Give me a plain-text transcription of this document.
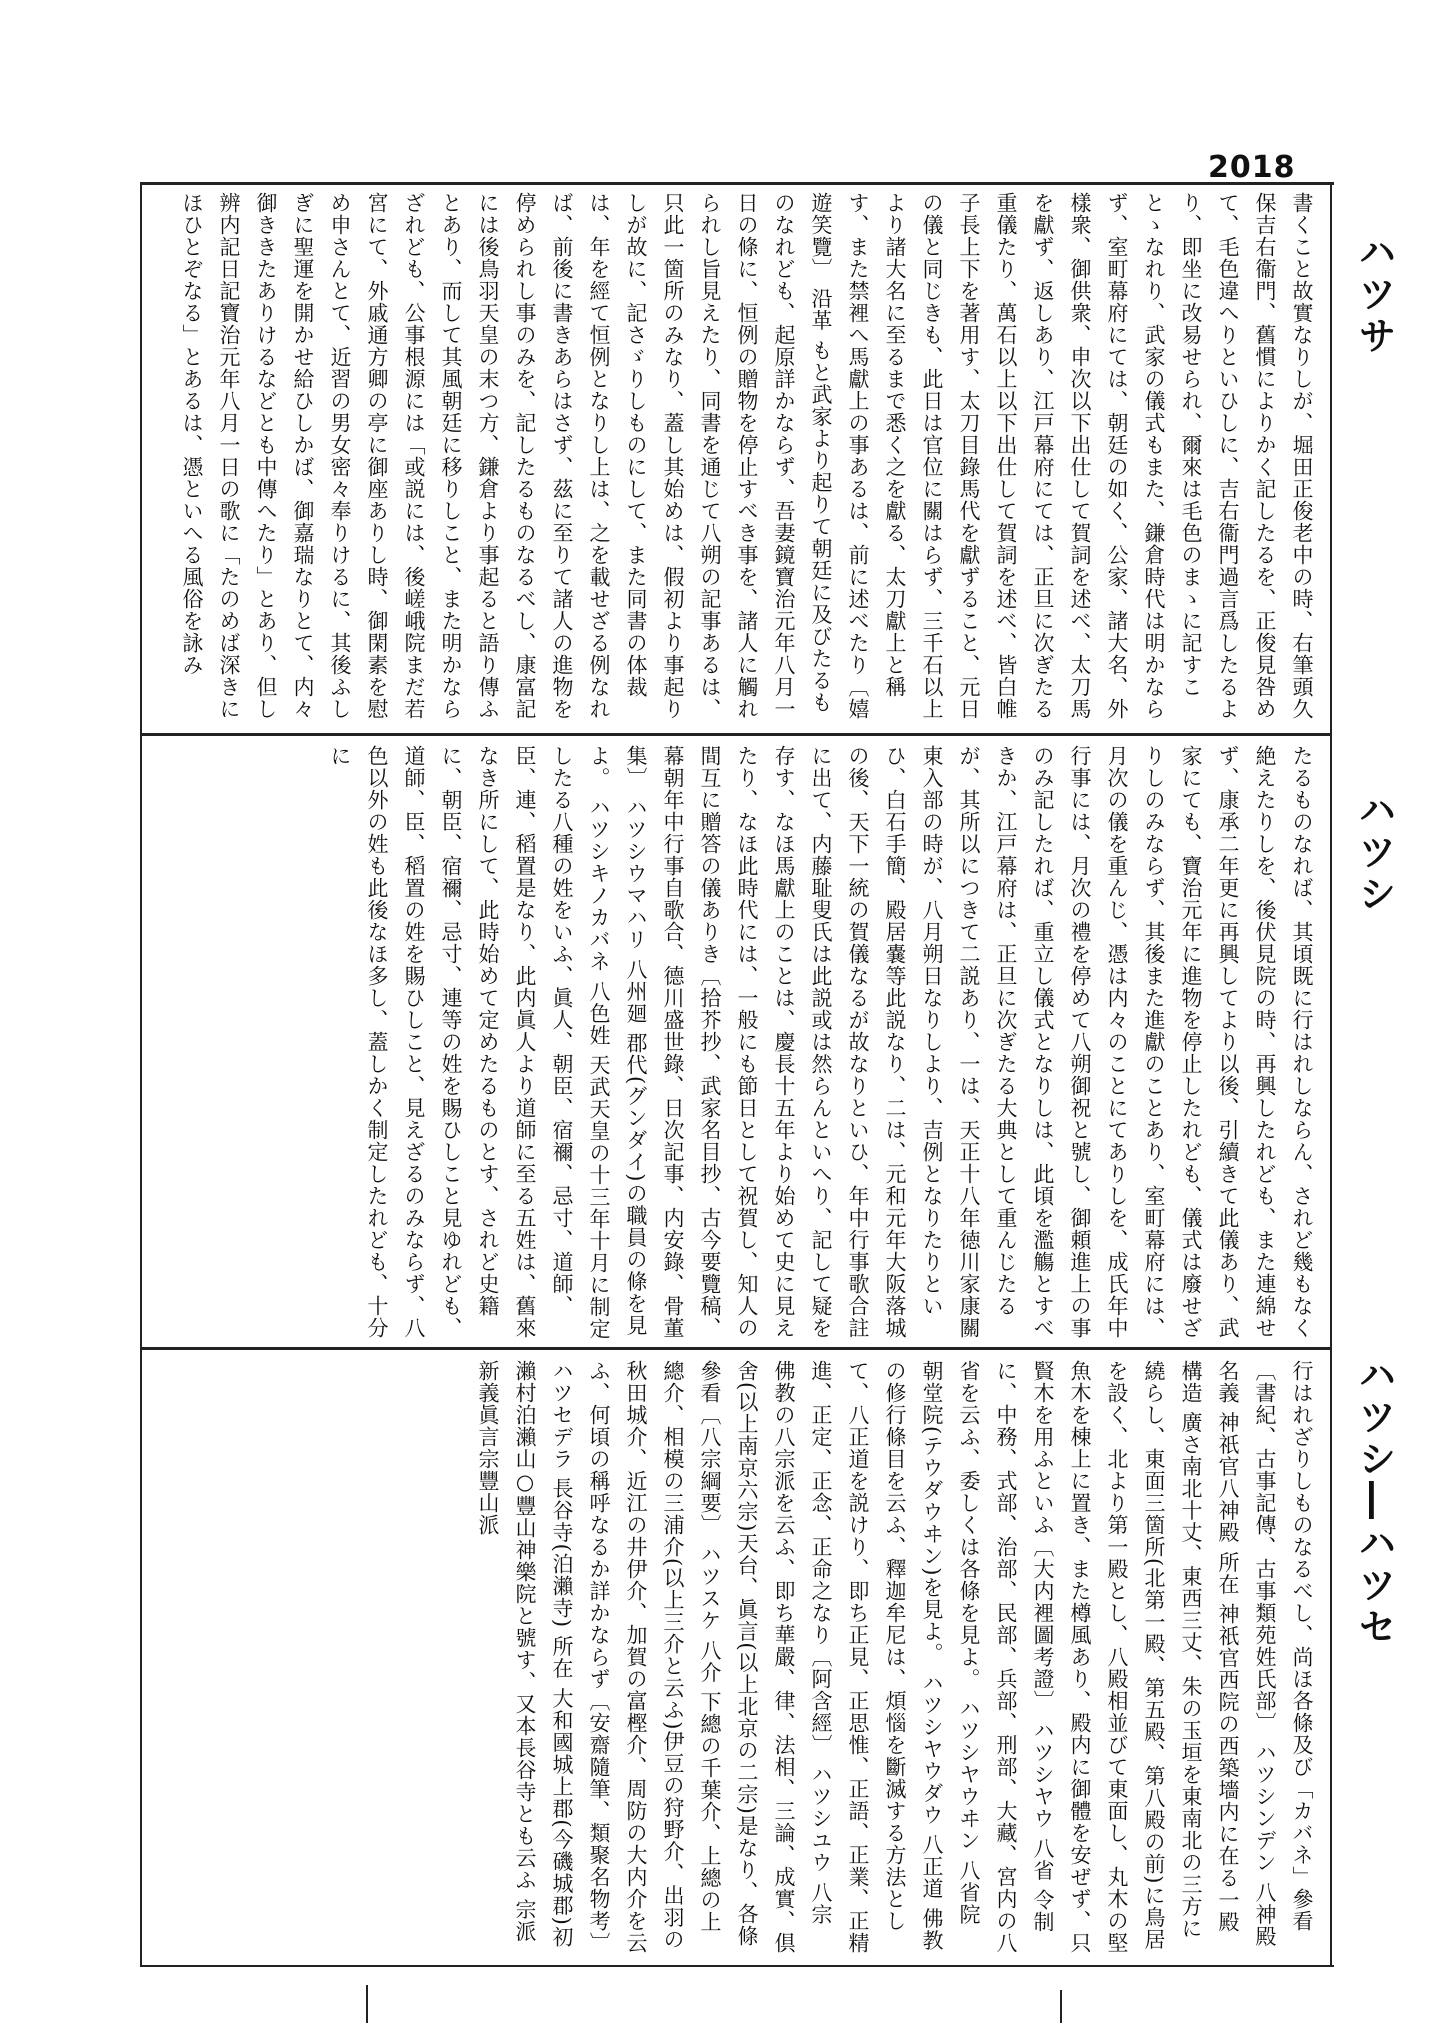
2018
ハツサ
ハツシ
ハツシ―ハツセ
書くこと故實なりしが、堀田正俊老中の時、右筆頭久保吉右衞門、舊慣によりかく記したるを、正俊見咎めて、毛色違へりといひしに、吉右衞門過言爲したるより、即坐に改易せられ、爾來は毛色のまゝに記すことゝなれり、武家の儀式もまた、鎌倉時代は明かならず、室町幕府にては、朝廷の如く、公家、諸大名、外樣衆、御供衆、申次以下出仕して賀詞を述べ、太刀馬を獻ず、返しあり、江戸幕府にては、正旦に次ぎたる重儀たり、萬石以上以下出仕して賀詞を述べ、皆白帷子長上下を著用す、太刀目錄馬代を獻ずること、元日の儀と同じきも、此日は官位に關はらず、三千石以上より諸大名に至るまで悉く之を獻る、太刀獻上と稱す、また禁裡へ馬獻上の事あるは、前に述べたり〔嬉遊笑覽〕 沿革 もと武家より起りて朝廷に及びたるものなれども、起原詳かならず、吾妻鏡寶治元年八月一日の條に、恒例の贈物を停止すべき事を、諸人に觸れられし旨見えたり、同書を通じて八朔の記事あるは、只此一箇所のみなり、蓋し其始めは、假初より事起りしが故に、記さゞりしものにして、また同書の体裁は、年を經て恒例となりし上は、之を載せざる例なれば、前後に書きあらはさず、茲に至りて諸人の進物を停められし事のみを、記したるものなるべし、康富記には後鳥羽天皇の末つ方、鎌倉より事起ると語り傳ふとあり、而して其風朝廷に移りしこと、また明かならざれども、公事根源には「或説には、後嵯峨院まだ若宮にて、外戚通方卿の亭に御座ありし時、御閑素を慰め申さんとて、近習の男女密々奉りけるに、其後ふしぎに聖運を開かせ給ひしかば、御嘉瑞なりとて、内々御ききたありけるなどとも中傳へたり」とあり、但し辨内記日記寶治元年八月一日の歌に「たのめば深きにほひとぞなる」とあるは、憑といへる風俗を詠み
たるものなれば、其頃既に行はれしならん、されど幾もなく絶えたりしを、後伏見院の時、再興したれども、また連綿せず、康承二年更に再興してより以後、引續きて此儀あり、武家にても、寶治元年に進物を停止したれども、儀式は廢せざりしのみならず、其後また進獻のことあり、室町幕府には、月次の儀を重んじ、憑は内々のことにてありしを、成氏年中行事には、月次の禮を停めて八朔御祝と號し、御頼進上の事のみ記したれば、重立し儀式となりしは、此頃を濫觴とすべきか、江戸幕府は、正旦に次ぎたる大典として重んじたるが、其所以につきて二説あり、一は、天正十八年徳川家康關東入部の時が、八月朔日なりしより、吉例となりたりといひ、白石手簡、殿居嚢等此説なり、二は、元和元年大阪落城の後、天下一統の賀儀なるが故なりといひ、年中行事歌合註に出て、内藤耻叟氏は此説或は然らんといへり、記して疑を存す、なほ馬獻上のことは、慶長十五年より始めて史に見えたり、なほ此時代には、一般にも節日として祝賀し、知人の間互に贈答の儀ありき〔拾芥抄、武家名目抄、古今要覽稿、幕朝年中行事自歌合、德川盛世錄、日次記事、内安錄、骨董集〕 ハツシウマハリ 八州廻 郡代(グンダイ)の職員の條を見よ。 ハツシキノカバネ 八色姓 天武天皇の十三年十月に制定したる八種の姓をいふ、眞人、朝臣、宿禰、忌寸、道師、臣、連、稻置是なり、此内眞人より道師に至る五姓は、舊來なき所にして、此時始めて定めたるものとす、されど史籍に、朝臣、宿禰、忌寸、連等の姓を賜ひしこと見ゆれども、道師、臣、稻置の姓を賜ひしこと、見えざるのみならず、八色以外の姓も此後なほ多し、蓋しかく制定したれども、十分に
行はれざりしものなるべし、尚ほ各條及び「カバネ」參看〔書紀、古事記傳、古事類苑姓氏部〕 ハツシンデン 八神殿 名義 神祇官八神殿 所在 神祇官西院の西築墻内に在る一殿 構造 廣さ南北十丈、東西三丈、朱の玉垣を東南北の三方に繞らし、東面三箇所(北第一殿、第五殿、第八殿の前)に鳥居を設く、北より第一殿とし、八殿相並びて東面し、丸木の堅魚木を棟上に置き、また樽風あり、殿内に御體を安ぜず、只賢木を用ふといふ〔大内裡圖考證〕 ハツシヤウ 八省 令制に、中務、式部、治部、民部、兵部、刑部、大藏、宮内の八省を云ふ、委しくは各條を見よ。 ハツシヤウヰン 八省院 朝堂院(テウダウヰン)を見よ。 ハツシヤウダウ 八正道 佛教の修行條目を云ふ、釋迦牟尼は、煩惱を斷滅する方法として、八正道を説けり、即ち正見、正思惟、正語、正業、正精進、正定、正念、正命之なり〔阿含經〕 ハツシユウ 八宗 佛教の八宗派を云ふ、即ち華嚴、律、法相、三論、成實、倶舍(以上南京六宗)天台、眞言(以上北京の二宗)是なり、各條參看〔八宗綱要〕 ハツスケ 八介 下總の千葉介、上總の上總介、相模の三浦介(以上三介と云ふ)伊豆の狩野介、出羽の秋田城介、近江の井伊介、加賀の富樫介、周防の大内介を云ふ、何頃の稱呼なるか詳かならず〔安齋隨筆、類聚名物考〕 ハツセデラ 長谷寺(泊瀨寺) 所在 大和國城上郡(今磯城郡)初瀨村泊瀨山○豐山神樂院と號す、又本長谷寺とも云ふ 宗派 新義眞言宗豐山派
